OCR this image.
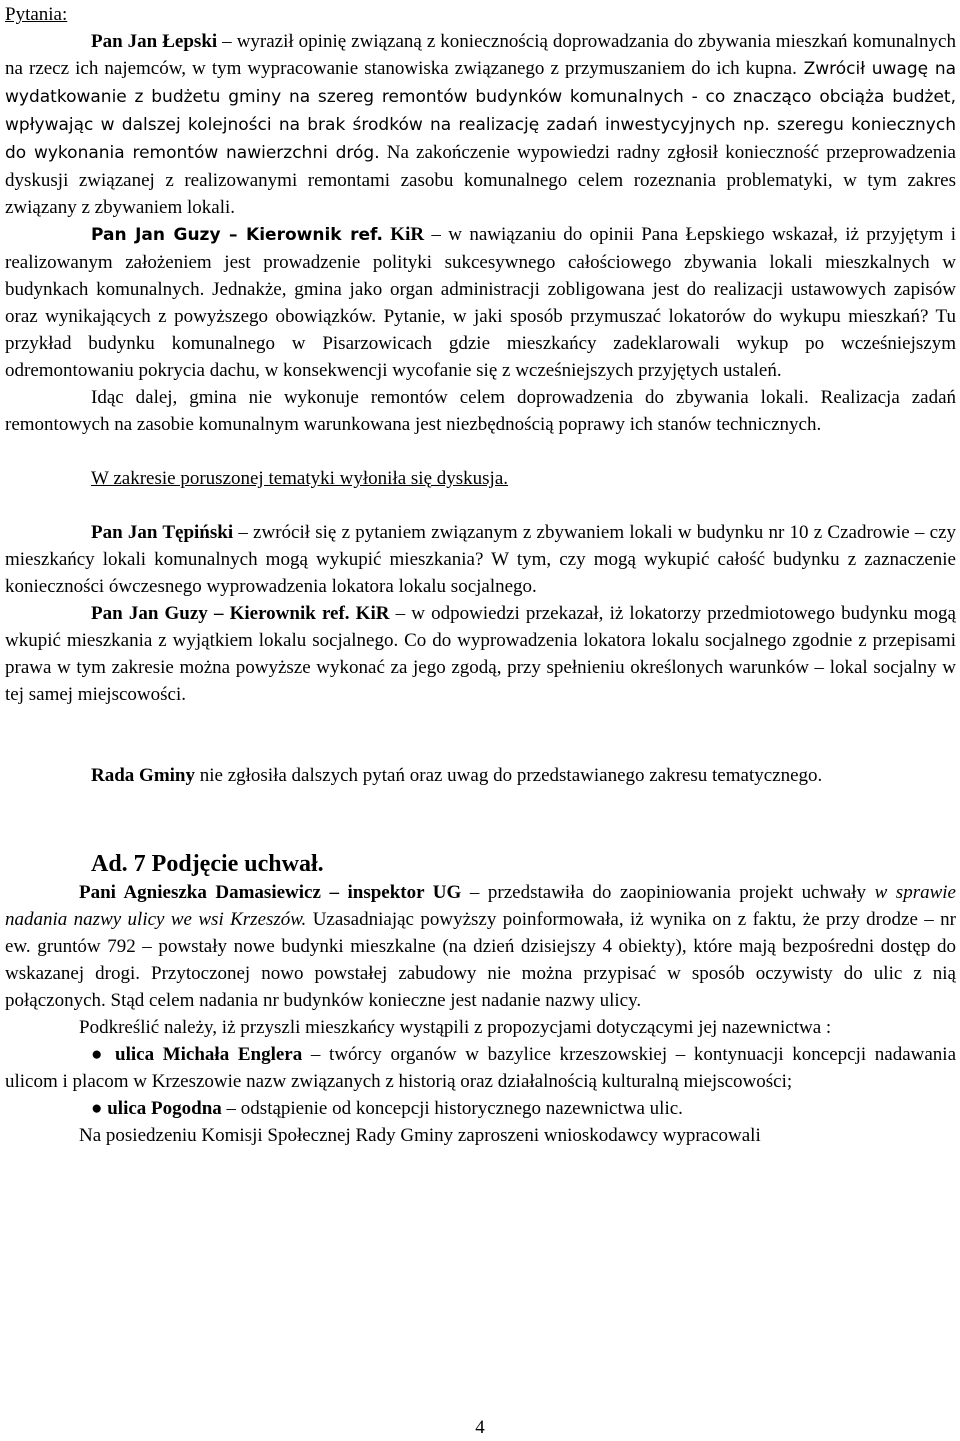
Pytania:

Pan Jan Łepski – wyraził opinię związaną z koniecznością doprowadzania do zbywania mieszkań komunalnych na rzecz ich najemców, w tym wypracowanie stanowiska związanego z przymuszaniem do ich kupna. Zwrócił uwagę na wydatkowanie z budżetu gminy na szereg remontów budynków komunalnych - co znacząco obciąża budżet, wpływając w dalszej kolejności na brak środków na realizację zadań inwestycyjnych np. szeregu koniecznych do wykonania remontów nawierzchni dróg. Na zakończenie wypowiedzi radny zgłosił konieczność przeprowadzenia dyskusji związanej z realizowanymi remontami zasobu komunalnego celem rozeznania problematyki, w tym zakres związany z zbywaniem lokali.

Pan Jan Guzy – Kierownik ref. KiR – w nawiązaniu do opinii Pana Łepskiego wskazał, iż przyjętym i realizowanym założeniem jest prowadzenie polityki sukcesywnego całościowego zbywania lokali mieszkalnych w budynkach komunalnych. Jednakże, gmina jako organ administracji zobligowana jest do realizacji ustawowych zapisów oraz wynikających z powyższego obowiązków. Pytanie, w jaki sposób przymuszać lokatorów do wykupu mieszkań? Tu przykład budynku komunalnego w Pisarzowicach gdzie mieszkańcy zadeklarowali wykup po wcześniejszym odremontowaniu pokrycia dachu, w konsekwencji wycofanie się z wcześniejszych przyjętych ustaleń.

Idąc dalej, gmina nie wykonuje remontów celem doprowadzenia do zbywania lokali. Realizacja zadań remontowych na zasobie komunalnym warunkowana jest niezbędnością poprawy ich stanów technicznych.

W zakresie poruszonej tematyki wyłoniła się dyskusja.

Pan Jan Tępiński – zwrócił się z pytaniem związanym z zbywaniem lokali w budynku nr 10 z Czadrowie – czy mieszkańcy lokali komunalnych mogą wykupić mieszkania? W tym, czy mogą wykupić całość budynku z zaznaczenie konieczności ówczesnego wyprowadzenia lokatora lokalu socjalnego.

Pan Jan Guzy – Kierownik ref. KiR – w odpowiedzi przekazał, iż lokatorzy przedmiotowego budynku mogą wkupić mieszkania z wyjątkiem lokalu socjalnego. Co do wyprowadzenia lokatora lokalu socjalnego zgodnie z przepisami prawa w tym zakresie można powyższe wykonać za jego zgodą, przy spełnieniu określonych warunków – lokal socjalny w tej samej miejscowości.

Rada Gminy nie zgłosiła dalszych pytań oraz uwag do przedstawianego zakresu tematycznego.

Ad. 7 Podjęcie uchwał.

Pani Agnieszka Damasiewicz – inspektor UG – przedstawiła do zaopiniowania projekt uchwały w sprawie nadania nazwy ulicy we wsi Krzeszów. Uzasadniając powyższy poinformowała, iż wynika on z faktu, że przy drodze – nr ew. gruntów 792 – powstały nowe budynki mieszkalne (na dzień dzisiejszy 4 obiekty), które mają bezpośredni dostęp do wskazanej drogi. Przytoczonej nowo powstałej zabudowy nie można przypisać w sposób oczywisty do ulic z nią połączonych. Stąd celem nadania nr budynków konieczne jest nadanie nazwy ulicy.

Podkreślić należy, iż przyszli mieszkańcy wystąpili z propozycjami dotyczącymi jej nazewnictwa :

● ulica Michała Englera – twórcy organów w bazylice krzeszowskiej – kontynuacji koncepcji nadawania ulicom i placom w Krzeszowie nazw związanych z historią oraz działalnością kulturalną miejscowości;

● ulica Pogodna – odstąpienie od koncepcji historycznego nazewnictwa ulic.

Na posiedzeniu Komisji Społecznej Rady Gminy zaproszeni wnioskodawcy wypracowali

4
